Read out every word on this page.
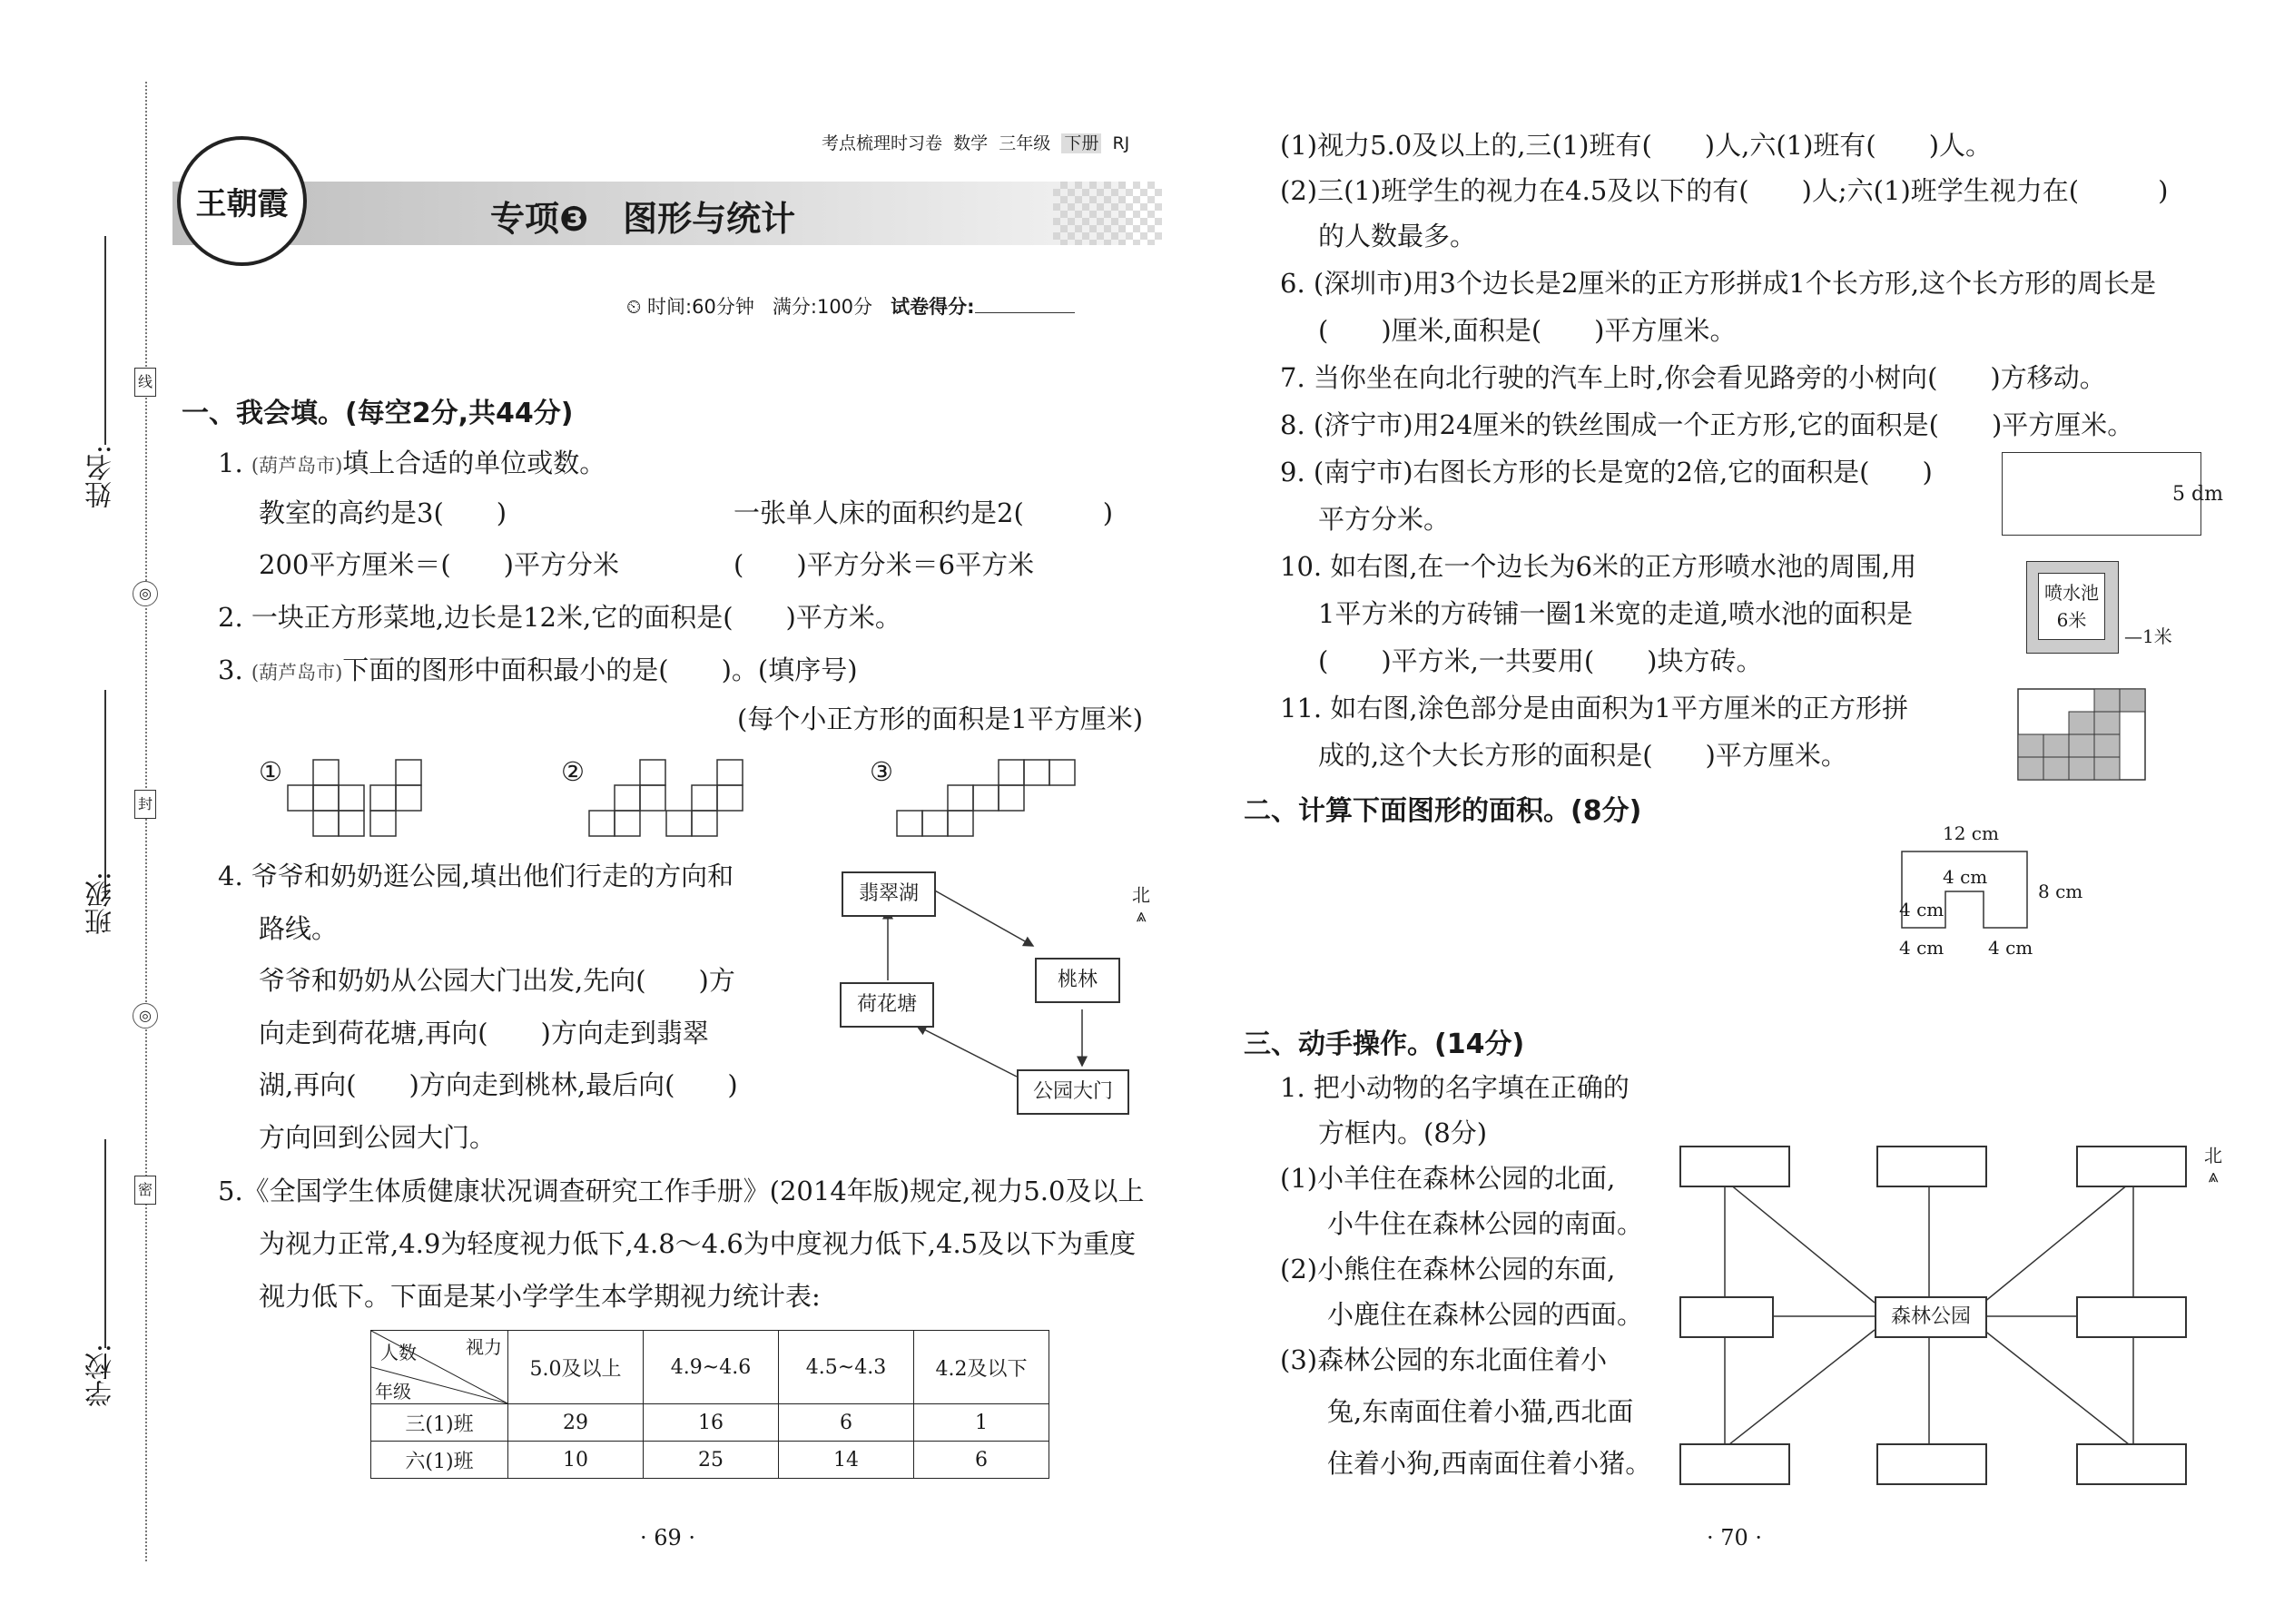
姓名:
班级:
学校:
线
◎
封
◎
密
考点梳理时习卷 数学 三年级 下册 RJ
王朝霞	专项❸　图形与统计
⏲ 时间:60分钟 满分:100分 试卷得分:
一、我会填。(每空2分,共44分)
1. (葫芦岛市)填上合适的单位或数。
教室的高约是3(　　)	一张单人床的面积约是2(　　　)
200平方厘米＝(　　)平方分米	(　　)平方分米＝6平方米
2. 一块正方形菜地,边长是12米,它的面积是(　　)平方米。
3. (葫芦岛市)下面的图形中面积最小的是(　　)。(填序号)
(每个小正方形的面积是1平方厘米)
①	②	③
4. 爷爷和奶奶逛公园,填出他们行走的方向和
路线。
爷爷和奶奶从公园大门出发,先向(　　)方
向走到荷花塘,再向(　　)方向走到翡翠
湖,再向(　　)方向走到桃林,最后向(　　)
方向回到公园大门。
翡翠湖
桃林
荷花塘
公园大门
北
⩓
5.《全国学生体质健康状况调查研究工作手册》(2014年版)规定,视力5.0及以上
为视力正常,4.9为轻度视力低下,4.8～4.6为中度视力低下,4.5及以下为重度
视力低下。下面是某小学学生本学期视力统计表:
视力
人数
年级	5.0及以上	4.9~4.6	4.5~4.3	4.2及以下
三(1)班	29	16	6	1
六(1)班	10	25	14	6
· 69 ·
(1)视力5.0及以上的,三(1)班有(　　)人,六(1)班有(　　)人。
(2)三(1)班学生的视力在4.5及以下的有(　　)人;六(1)班学生视力在(　　　)
的人数最多。
6. (深圳市)用3个边长是2厘米的正方形拼成1个长方形,这个长方形的周长是
(　　)厘米,面积是(　　)平方厘米。
7. 当你坐在向北行驶的汽车上时,你会看见路旁的小树向(　　)方移动。
8. (济宁市)用24厘米的铁丝围成一个正方形,它的面积是(　　)平方厘米。
9. (南宁市)右图长方形的长是宽的2倍,它的面积是(　　)
平方分米。
5 dm
10. 如右图,在一个边长为6米的正方形喷水池的周围,用
1平方米的方砖铺一圈1米宽的走道,喷水池的面积是
(　　)平方米,一共要用(　　)块方砖。
喷水池
6米
—1米
11. 如右图,涂色部分是由面积为1平方厘米的正方形拼
成的,这个大长方形的面积是(　　)平方厘米。
二、计算下面图形的面积。(8分)
12 cm
4 cm
8 cm
4 cm
4 cm 4 cm
三、动手操作。(14分)
1. 把小动物的名字填在正确的
方框内。(8分)
(1)小羊住在森林公园的北面,
小牛住在森林公园的南面。
(2)小熊住在森林公园的东面,
小鹿住在森林公园的西面。
(3)森林公园的东北面住着小
兔,东南面住着小猫,西北面
住着小狗,西南面住着小猪。
森林公园
北
⩓
· 70 ·
